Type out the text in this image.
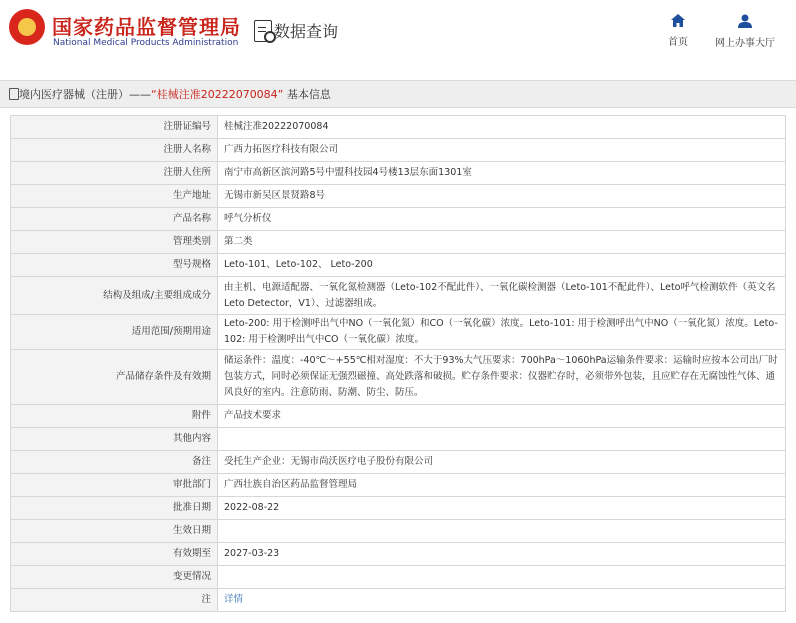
国家药品监督管理局
National Medical Products Administration
数据查询
首页	网上办事大厅
境内医疗器械（注册）——“桂械注准20222070084” 基本信息
注册证编号	桂械注准20222070084
注册人名称	广西力拓医疗科技有限公司
注册人住所	南宁市高新区滨河路5号中盟科技园4号楼13层东面1301室
生产地址	无锡市新吴区景贤路8号
产品名称	呼气分析仪
管理类别	第二类
型号规格	Leto-101、Leto-102、 Leto-200
结构及组成/主要组成成分	由主机、电源适配器、一氧化氮检测器（Leto-102不配此件）、一氧化碳检测器（Leto-101不配此件）、Leto呼气检测软件（英文名Leto Detector，V1）、过滤器组成。
适用范围/预期用途	Leto-200: 用于检测呼出气中NO（一氧化氮）和CO（一氧化碳）浓度。Leto-101: 用于检测呼出气中NO（一氧化氮）浓度。Leto-102: 用于检测呼出气中CO（一氧化碳）浓度。
产品储存条件及有效期	储运条件：温度：-40℃～+55℃相对湿度：不大于93%大气压要求：700hPa～1060hPa运输条件要求：运输时应按本公司出厂时包装方式，同时必须保证无强烈磁撞、高处跌落和破损。贮存条件要求：仪器贮存时，必须带外包装，且应贮存在无腐蚀性气体、通风良好的室内。注意防雨、防潮、防尘、防压。
附件	产品技术要求
其他内容	
备注	受托生产企业：无锡市尚沃医疗电子股份有限公司
审批部门	广西壮族自治区药品监督管理局
批准日期	2022-08-22
生效日期	
有效期至	2027-03-23
变更情况	
注	详情
